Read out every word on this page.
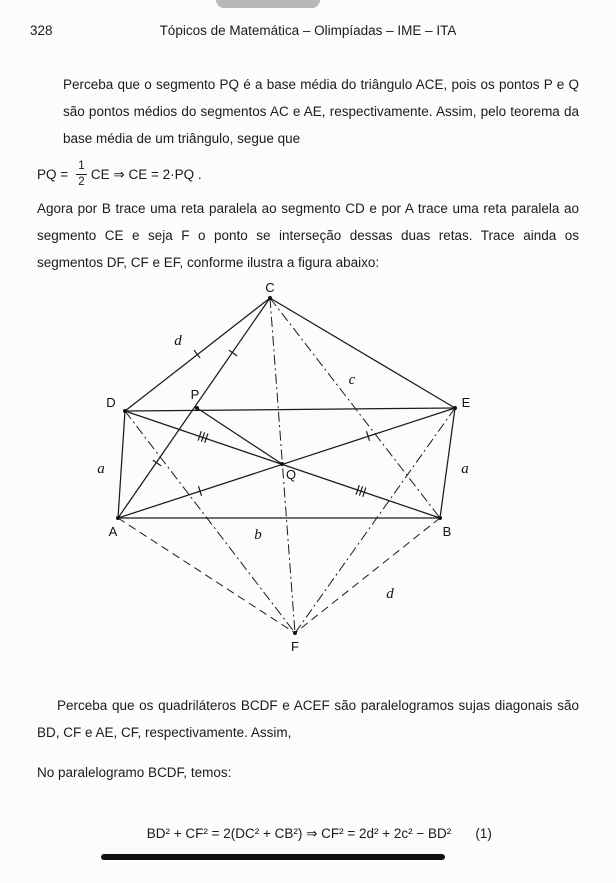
328	Tópicos de Matemática – Olimpíadas – IME – ITA

Perceba que o segmento PQ é a base média do triângulo ACE, pois os pontos P e Q são pontos médios do segmentos AC e AE, respectivamente. Assim, pelo teorema da base média de um triângulo, segue que

PQ = $\frac{1}{2}$ CE ⇒ CE = 2·PQ .

Agora por B trace uma reta paralela ao segmento CD e por A trace uma reta paralela ao segmento CE e seja F o ponto se interseção dessas duas retas. Trace ainda os segmentos DF, CF e EF, conforme ilustra a figura abaixo:

C
D
P
E
Q
A	B
F
d
c
a	a
b
d

Perceba que os quadriláteros BCDF e ACEF são paralelogramos sujas diagonais são BD, CF e AE, CF, respectivamente. Assim,

No paralelogramo BCDF, temos:

BD² + CF² = 2(DC² + CB²) ⇒ CF² = 2d² + 2c² − BD² (1)
